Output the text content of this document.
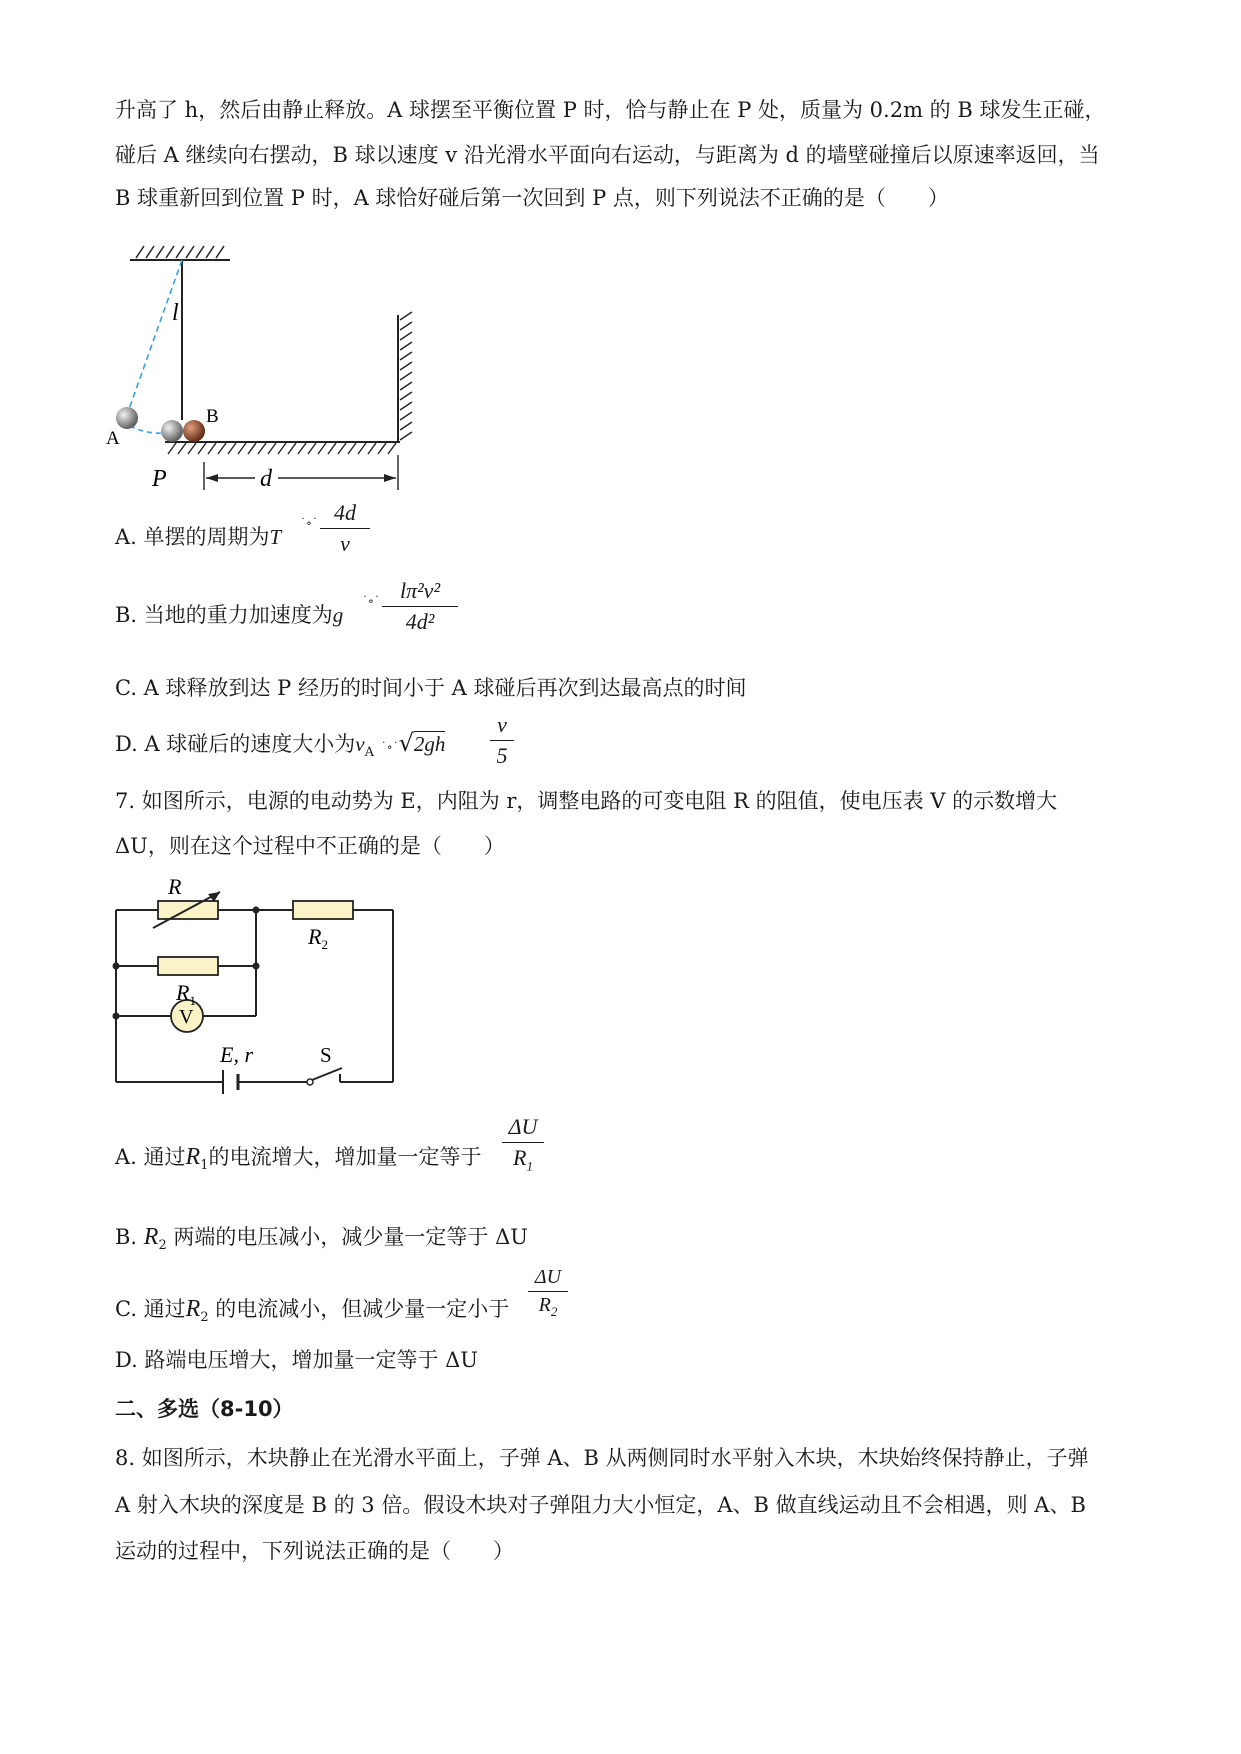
升高了 h，然后由静止释放。A 球摆至平衡位置 P 时，恰与静止在 P 处，质量为 0.2m 的 B 球发生正碰，
碰后 A 继续向右摆动，B 球以速度 v 沿光滑水平面向右运动，与距离为 d 的墙壁碰撞后以原速率返回，当
B 球重新回到位置 P 时，A 球恰好碰后第一次回到 P 点，则下列说法不正确的是（　　）
l
A
B
P	d
A. 单摆的周期为T
˙∘˙ 4d
v
B. 当地的重力加速度为g
˙∘˙ lπ²v²
4d²
C. A 球释放到达 P 经历的时间小于 A 球碰后再次到达最高点的时间
D. A 球碰后的速度大小为$v_A$ ˙∘˙√2gh
v
5
7. 如图所示，电源的电动势为 E，内阻为 r，调整电路的可变电阻 R 的阻值，使电压表 V 的示数增大
ΔU，则在这个过程中不正确的是（　　）
V
R
$R_2$
$R_1$
E, r	S
A. 通过$R_1$的电流增大，增加量一定等于
ΔU
$R_1$
B. $R_2$ 两端的电压减小，减少量一定等于 ΔU
C. 通过$R_2$ 的电流减小，但减少量一定小于
ΔU
$R_2$
D. 路端电压增大，增加量一定等于 ΔU
二、多选（8-10）
8. 如图所示，木块静止在光滑水平面上，子弹 A、B 从两侧同时水平射入木块，木块始终保持静止，子弹
A 射入木块的深度是 B 的 3 倍。假设木块对子弹阻力大小恒定，A、B 做直线运动且不会相遇，则 A、B
运动的过程中，下列说法正确的是（　　）
